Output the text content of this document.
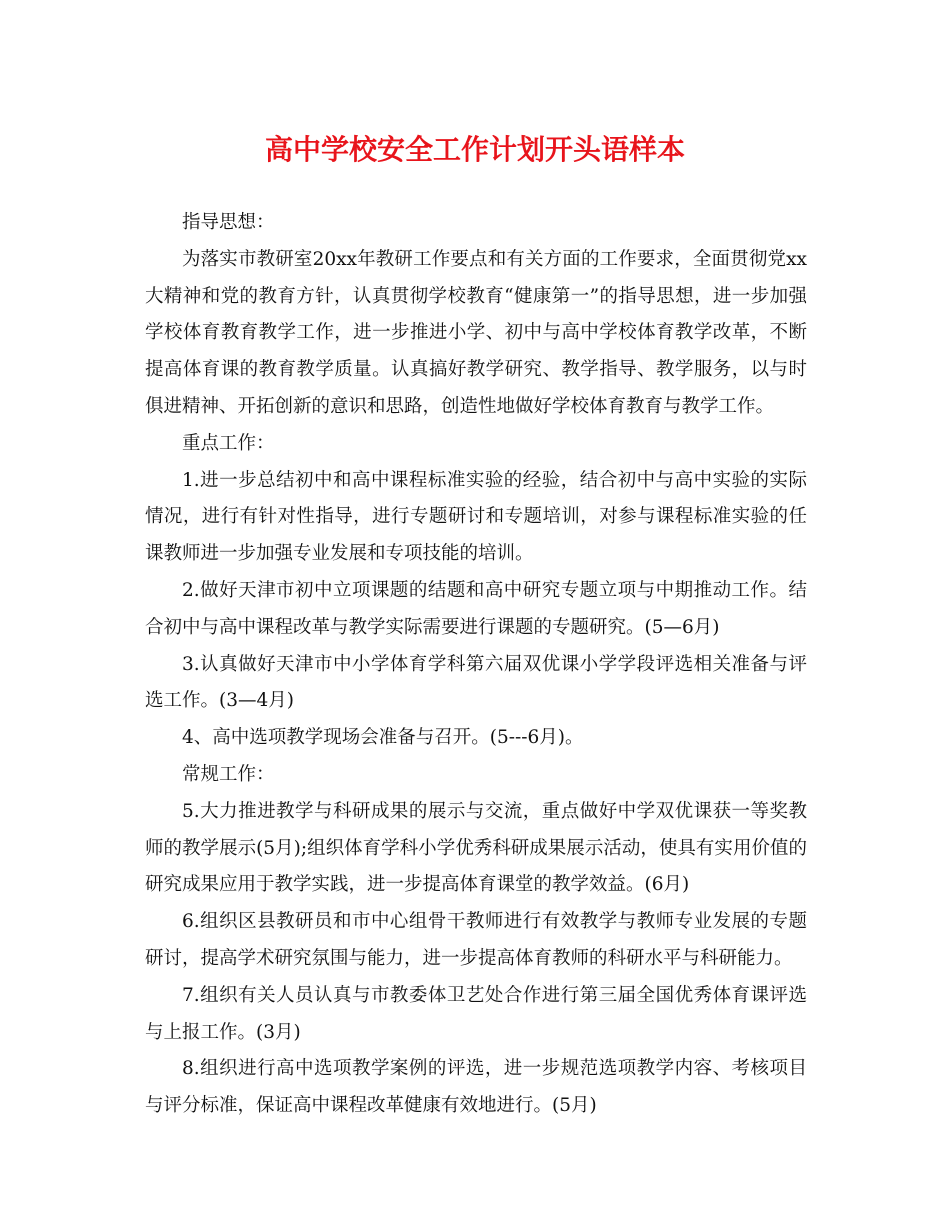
高中学校安全工作计划开头语样本

指导思想：

为落实市教研室20xx年教研工作要点和有关方面的工作要求，全面贯彻党xx大精神和党的教育方针，认真贯彻学校教育“健康第一”的指导思想，进一步加强学校体育教育教学工作，进一步推进小学、初中与高中学校体育教学改革，不断提高体育课的教育教学质量。认真搞好教学研究、教学指导、教学服务，以与时俱进精神、开拓创新的意识和思路，创造性地做好学校体育教育与教学工作。

重点工作：

1.进一步总结初中和高中课程标准实验的经验，结合初中与高中实验的实际情况，进行有针对性指导，进行专题研讨和专题培训，对参与课程标准实验的任课教师进一步加强专业发展和专项技能的培训。

2.做好天津市初中立项课题的结题和高中研究专题立项与中期推动工作。结合初中与高中课程改革与教学实际需要进行课题的专题研究。(5—6月)

3.认真做好天津市中小学体育学科第六届双优课小学学段评选相关准备与评选工作。(3—4月)

4、高中选项教学现场会准备与召开。(5---6月)。

常规工作：

5.大力推进教学与科研成果的展示与交流，重点做好中学双优课获一等奖教师的教学展示(5月);组织体育学科小学优秀科研成果展示活动，使具有实用价值的研究成果应用于教学实践，进一步提高体育课堂的教学效益。(6月)

6.组织区县教研员和市中心组骨干教师进行有效教学与教师专业发展的专题研讨，提高学术研究氛围与能力，进一步提高体育教师的科研水平与科研能力。

7.组织有关人员认真与市教委体卫艺处合作进行第三届全国优秀体育课评选与上报工作。(3月)

8.组织进行高中选项教学案例的评选，进一步规范选项教学内容、考核项目与评分标准，保证高中课程改革健康有效地进行。(5月)
